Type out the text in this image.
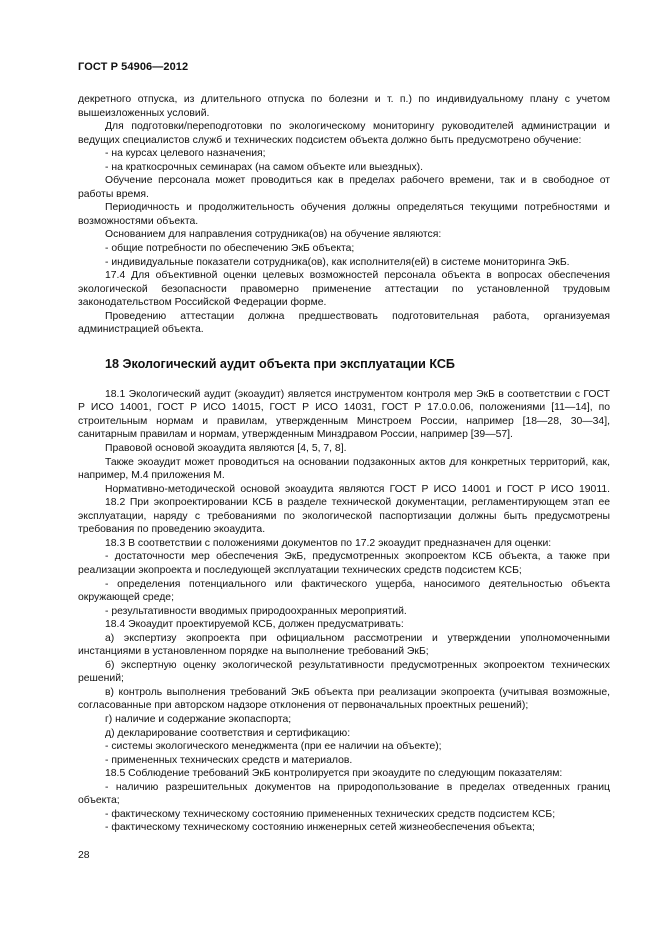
ГОСТ Р 54906—2012

декретного отпуска, из длительного отпуска по болезни и т. п.) по индивидуальному плану с учетом вышеизложенных условий.

Для подготовки/переподготовки по экологическому мониторингу руководителей администрации и ведущих специалистов служб и технических подсистем объекта должно быть предусмотрено обучение:

- на курсах целевого назначения;

- на краткосрочных семинарах (на самом объекте или выездных).

Обучение персонала может проводиться как в пределах рабочего времени, так и в свободное от работы время.

Периодичность и продолжительность обучения должны определяться текущими потребностями и возможностями объекта.

Основанием для направления сотрудника(ов) на обучение являются:

- общие потребности по обеспечению ЭкБ объекта;

- индивидуальные показатели сотрудника(ов), как исполнителя(ей) в системе мониторинга ЭкБ.

17.4 Для объективной оценки целевых возможностей персонала объекта в вопросах обеспечения экологической безопасности правомерно применение аттестации по установленной трудовым законодательством Российской Федерации форме.

Проведению аттестации должна предшествовать подготовительная работа, организуемая администрацией объекта.

18 Экологический аудит объекта при эксплуатации КСБ

18.1 Экологический аудит (экоаудит) является инструментом контроля мер ЭкБ в соответствии с ГОСТ Р ИСО 14001, ГОСТ Р ИСО 14015, ГОСТ Р ИСО 14031, ГОСТ Р 17.0.0.06, положениями [11—14], по строительным нормам и правилам, утвержденным Минстроем России, например [18—28, 30—34], санитарным правилам и нормам, утвержденным Минздравом России, например [39—57].

Правовой основой экоаудита являются [4, 5, 7, 8].

Также экоаудит может проводиться на основании подзаконных актов для конкретных территорий, как, например, М.4 приложения М.

Нормативно-методической основой экоаудита являются ГОСТ Р ИСО 14001 и ГОСТ Р ИСО 19011.

18.2 При экопроектировании КСБ в разделе технической документации, регламентирующем этап ее эксплуатации, наряду с требованиями по экологической паспортизации должны быть предусмотрены требования по проведению экоаудита.

18.3 В соответствии с положениями документов по 17.2 экоаудит предназначен для оценки:

- достаточности мер обеспечения ЭкБ, предусмотренных экопроектом КСБ объекта, а также при реализации экопроекта и последующей эксплуатации технических средств подсистем КСБ;

- определения потенциального или фактического ущерба, наносимого деятельностью объекта окружающей среде;

- результативности вводимых природоохранных мероприятий.

18.4 Экоаудит проектируемой КСБ, должен предусматривать:

а) экспертизу экопроекта при официальном рассмотрении и утверждении уполномоченными инстанциями в установленном порядке на выполнение требований ЭкБ;

б) экспертную оценку экологической результативности предусмотренных экопроектом технических решений;

в) контроль выполнения требований ЭкБ объекта при реализации экопроекта (учитывая возможные, согласованные при авторском надзоре отклонения от первоначальных проектных решений);

г) наличие и содержание экопаспорта;

д) декларирование соответствия и сертификацию:

- системы экологического менеджмента (при ее наличии на объекте);

- примененных технических средств и материалов.

18.5 Соблюдение требований ЭкБ контролируется при экоаудите по следующим показателям:

- наличию разрешительных документов на природопользование в пределах отведенных границ объекта;

- фактическому техническому состоянию примененных технических средств подсистем КСБ;

- фактическому техническому состоянию инженерных сетей жизнеобеспечения объекта;

28
